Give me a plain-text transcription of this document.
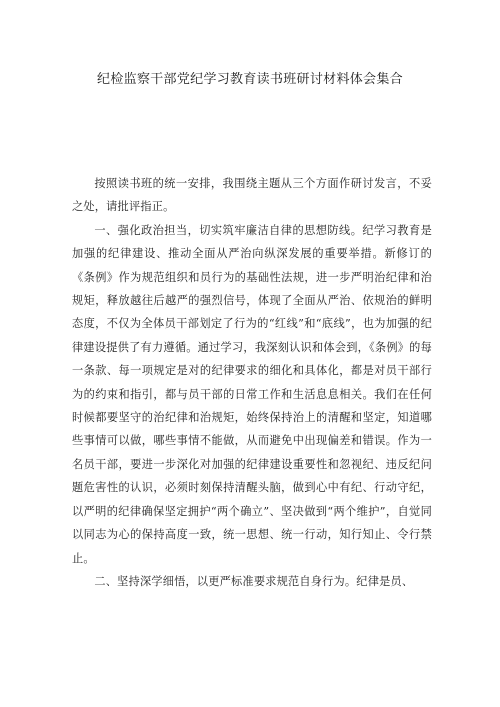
纪检监察干部党纪学习教育读书班研讨材料体会集合

按照读书班的统一安排，我围绕主题从三个方面作研讨发言，不妥之处，请批评指正。

一、强化政治担当，切实筑牢廉洁自律的思想防线。纪学习教育是加强的纪律建设、推动全面从严治向纵深发展的重要举措。新修订的《条例》作为规范组织和员行为的基础性法规，进一步严明治纪律和治规矩，释放越往后越严的强烈信号，体现了全面从严治、依规治的鲜明态度，不仅为全体员干部划定了行为的“红线”和“底线”，也为加强的纪律建设提供了有力遵循。通过学习，我深刻认识和体会到，《条例》的每一条款、每一项规定是对的纪律要求的细化和具体化，都是对员干部行为的约束和指引，都与员干部的日常工作和生活息息相关。我们在任何时候都要坚守的治纪律和治规矩，始终保持治上的清醒和坚定，知道哪些事情可以做，哪些事情不能做，从而避免中出现偏差和错误。作为一名员干部，要进一步深化对加强的纪律建设重要性和忽视纪、违反纪问题危害性的认识，必须时刻保持清醒头脑，做到心中有纪、行动守纪，以严明的纪律确保坚定拥护“两个确立”、坚决做到“两个维护”，自觉同以同志为心的保持高度一致，统一思想、统一行动，知行知止、令行禁止。

二、坚持深学细悟，以更严标准要求规范自身行为。纪律是员、
